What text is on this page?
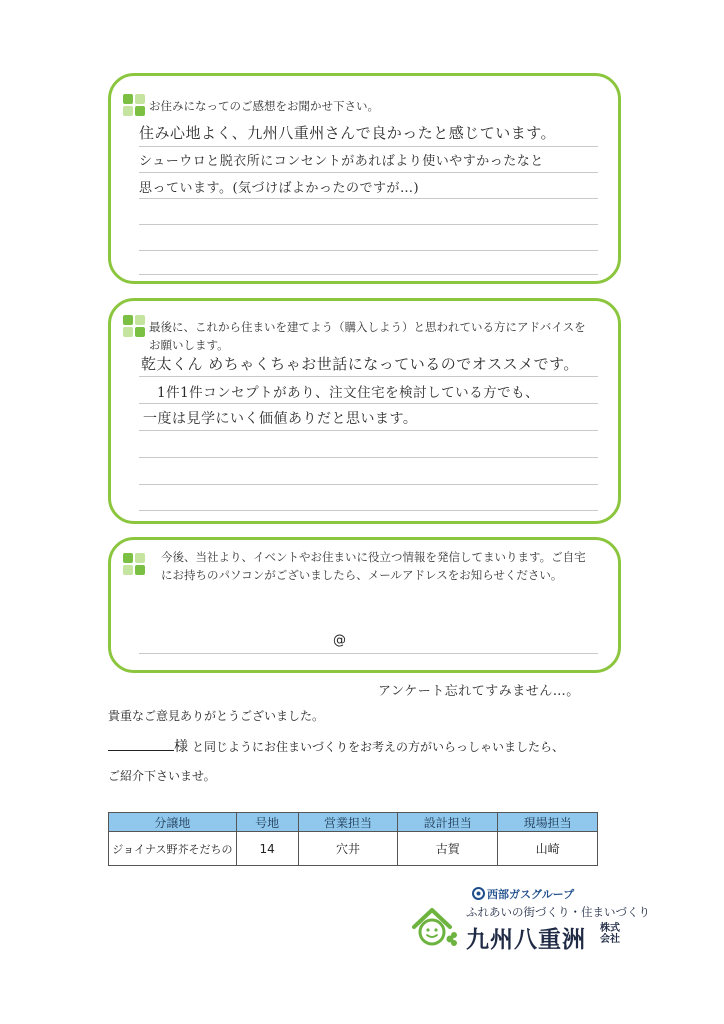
お住みになってのご感想をお聞かせ下さい。
住み心地よく、九州八重州さんで良かったと感じています。
シューウロと脱衣所にコンセントがあればより使いやすかったなと
思っています。(気づけばよかったのですが…)
最後に、これから住まいを建てよう（購入しよう）と思われている方にアドバイスをお願いします。
乾太くん めちゃくちゃお世話になっているのでオススメです。
1件1件コンセプトがあり、注文住宅を検討している方でも、
一度は見学にいく価値ありだと思います。
今後、当社より、イベントやお住まいに役立つ情報を発信してまいります。ご自宅にお持ちのパソコンがございましたら、メールアドレスをお知らせください。
@
アンケート忘れてすみません…。
貴重なご意見ありがとうございました。
様 と同じようにお住まいづくりをお考えの方がいらっしゃいましたら、
ご紹介下さいませ。
分譲地	号地	営業担当	設計担当	現場担当
ジョイナス野芥そだちの	14	穴井	古賀	山崎
西部ガスグループ
ふれあいの街づくり・住まいづくり
九州八重洲 株式会社
